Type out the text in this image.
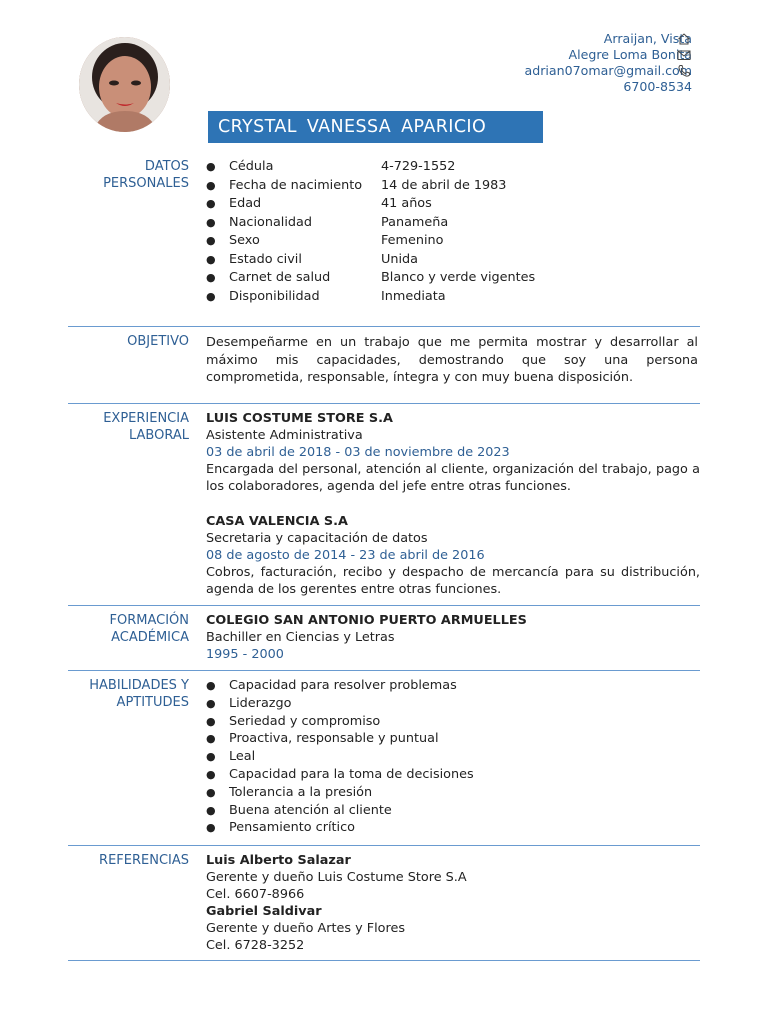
Arraijan, Vista
Alegre Loma Bonita
adrian07omar@gmail.com
6700-8534
CRYSTAL VANESSA APARICIO
DATOS
PERSONALES
●	Cédula	4-729-1552
●	Fecha de nacimiento	14 de abril de 1983
●	Edad	41 años
●	Nacionalidad	Panameña
●	Sexo	Femenino
●	Estado civil	Unida
●	Carnet de salud	Blanco y verde vigentes
●	Disponibilidad	Inmediata
OBJETIVO Desempeñarme en un trabajo que me permita mostrar y desarrollar al máximo mis capacidades, demostrando que soy una persona comprometida, responsable, íntegra y con muy buena disposición.
EXPERIENCIA
LABORAL
LUIS COSTUME STORE S.A
Asistente Administrativa
03 de abril de 2018 - 03 de noviembre de 2023
Encargada del personal, atención al cliente, organización del trabajo, pago a los colaboradores, agenda del jefe entre otras funciones.
CASA VALENCIA S.A
Secretaria y capacitación de datos
08 de agosto de 2014 - 23 de abril de 2016
Cobros, facturación, recibo y despacho de mercancía para su distribución, agenda de los gerentes entre otras funciones.
FORMACIÓN
ACADÉMICA
COLEGIO SAN ANTONIO PUERTO ARMUELLES
Bachiller en Ciencias y Letras
1995 - 2000
HABILIDADES Y
APTITUDES
●	Capacidad para resolver problemas
●	Liderazgo
●	Seriedad y compromiso
●	Proactiva, responsable y puntual
●	Leal
●	Capacidad para la toma de decisiones
●	Tolerancia a la presión
●	Buena atención al cliente
●	Pensamiento crítico
REFERENCIAS Luis Alberto Salazar
Gerente y dueño Luis Costume Store S.A
Cel. 6607-8966
Gabriel Saldivar
Gerente y dueño Artes y Flores
Cel. 6728-3252
